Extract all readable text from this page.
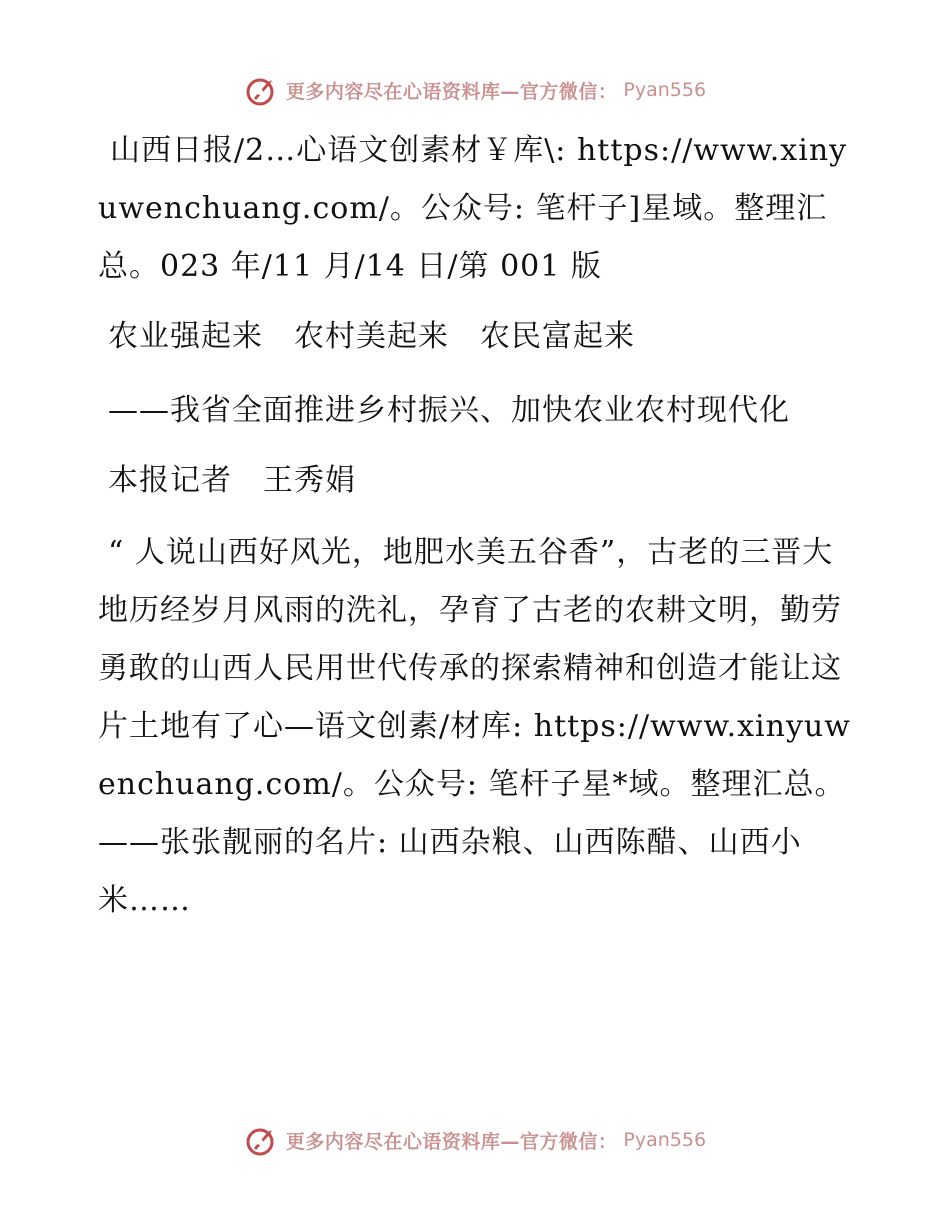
更多内容尽在心语资料库—官方微信： Pyan556

山西日报/2…心语文创素材￥库\: https://www.xinyuwenchuang.com/。公众号: 笔杆子]星域。整理汇总。023 年/11 月/14 日/第 001 版

农业强起来　农村美起来　农民富起来

——我省全面推进乡村振兴、加快农业农村现代化

本报记者　王秀娟

“ 人说山西好风光，地肥水美五谷香”，古老的三晋大地历经岁月风雨的洗礼，孕育了古老的农耕文明，勤劳勇敢的山西人民用世代传承的探索精神和创造才能让这片土地有了心—语文创素/材库: https://www.xinyuwenchuang.com/。公众号: 笔杆子星*域。整理汇总。——张张靓丽的名片: 山西杂粮、山西陈醋、山西小米……

更多内容尽在心语资料库—官方微信： Pyan556
